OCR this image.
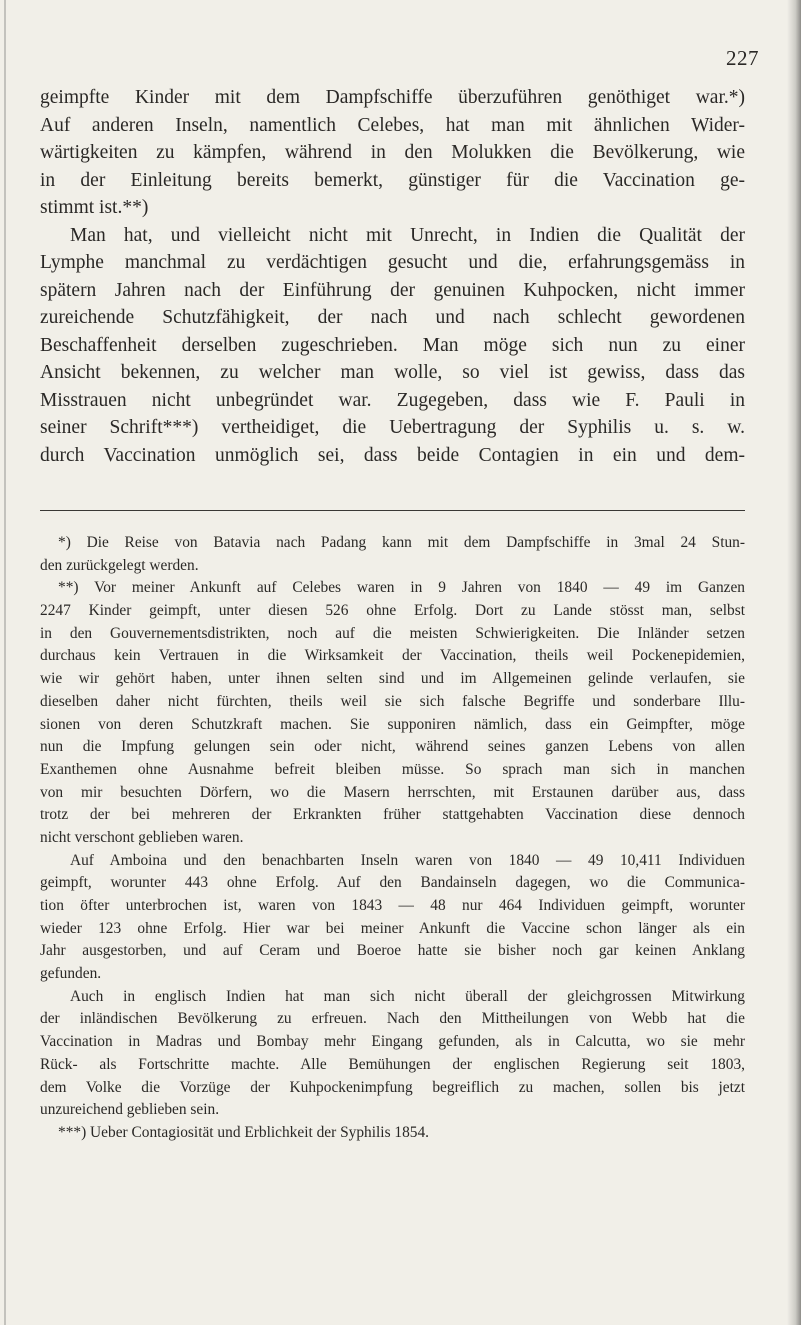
227
geimpfte Kinder mit dem Dampfschiffe überzuführen genöthiget war.*)
Auf anderen Inseln, namentlich Celebes, hat man mit ähnlichen Wider-
wärtigkeiten zu kämpfen, während in den Molukken die Bevölkerung, wie
in der Einleitung bereits bemerkt, günstiger für die Vaccination ge-
stimmt ist.**)
Man hat, und vielleicht nicht mit Unrecht, in Indien die Qualität der
Lymphe manchmal zu verdächtigen gesucht und die, erfahrungsgemäss in
spätern Jahren nach der Einführung der genuinen Kuhpocken, nicht immer
zureichende Schutzfähigkeit, der nach und nach schlecht gewordenen
Beschaffenheit derselben zugeschrieben. Man möge sich nun zu einer
Ansicht bekennen, zu welcher man wolle, so viel ist gewiss, dass das
Misstrauen nicht unbegründet war. Zugegeben, dass wie F. Pauli in
seiner Schrift***) vertheidiget, die Uebertragung der Syphilis u. s. w.
durch Vaccination unmöglich sei, dass beide Contagien in ein und dem-
*) Die Reise von Batavia nach Padang kann mit dem Dampfschiffe in 3mal 24 Stun-
den zurückgelegt werden.
**) Vor meiner Ankunft auf Celebes waren in 9 Jahren von 1840 — 49 im Ganzen
2247 Kinder geimpft, unter diesen 526 ohne Erfolg. Dort zu Lande stösst man, selbst
in den Gouvernementsdistrikten, noch auf die meisten Schwierigkeiten. Die Inländer setzen
durchaus kein Vertrauen in die Wirksamkeit der Vaccination, theils weil Pockenepidemien,
wie wir gehört haben, unter ihnen selten sind und im Allgemeinen gelinde verlaufen, sie
dieselben daher nicht fürchten, theils weil sie sich falsche Begriffe und sonderbare Illu-
sionen von deren Schutzkraft machen. Sie supponiren nämlich, dass ein Geimpfter, möge
nun die Impfung gelungen sein oder nicht, während seines ganzen Lebens von allen
Exanthemen ohne Ausnahme befreit bleiben müsse. So sprach man sich in manchen
von mir besuchten Dörfern, wo die Masern herrschten, mit Erstaunen darüber aus, dass
trotz der bei mehreren der Erkrankten früher stattgehabten Vaccination diese dennoch
nicht verschont geblieben waren.
Auf Amboina und den benachbarten Inseln waren von 1840 — 49 10,411 Individuen
geimpft, worunter 443 ohne Erfolg. Auf den Bandainseln dagegen, wo die Communica-
tion öfter unterbrochen ist, waren von 1843 — 48 nur 464 Individuen geimpft, worunter
wieder 123 ohne Erfolg. Hier war bei meiner Ankunft die Vaccine schon länger als ein
Jahr ausgestorben, und auf Ceram und Boeroe hatte sie bisher noch gar keinen Anklang
gefunden.
Auch in englisch Indien hat man sich nicht überall der gleichgrossen Mitwirkung
der inländischen Bevölkerung zu erfreuen. Nach den Mittheilungen von Webb hat die
Vaccination in Madras und Bombay mehr Eingang gefunden, als in Calcutta, wo sie mehr
Rück- als Fortschritte machte. Alle Bemühungen der englischen Regierung seit 1803,
dem Volke die Vorzüge der Kuhpockenimpfung begreiflich zu machen, sollen bis jetzt
unzureichend geblieben sein.
***) Ueber Contagiosität und Erblichkeit der Syphilis 1854.
